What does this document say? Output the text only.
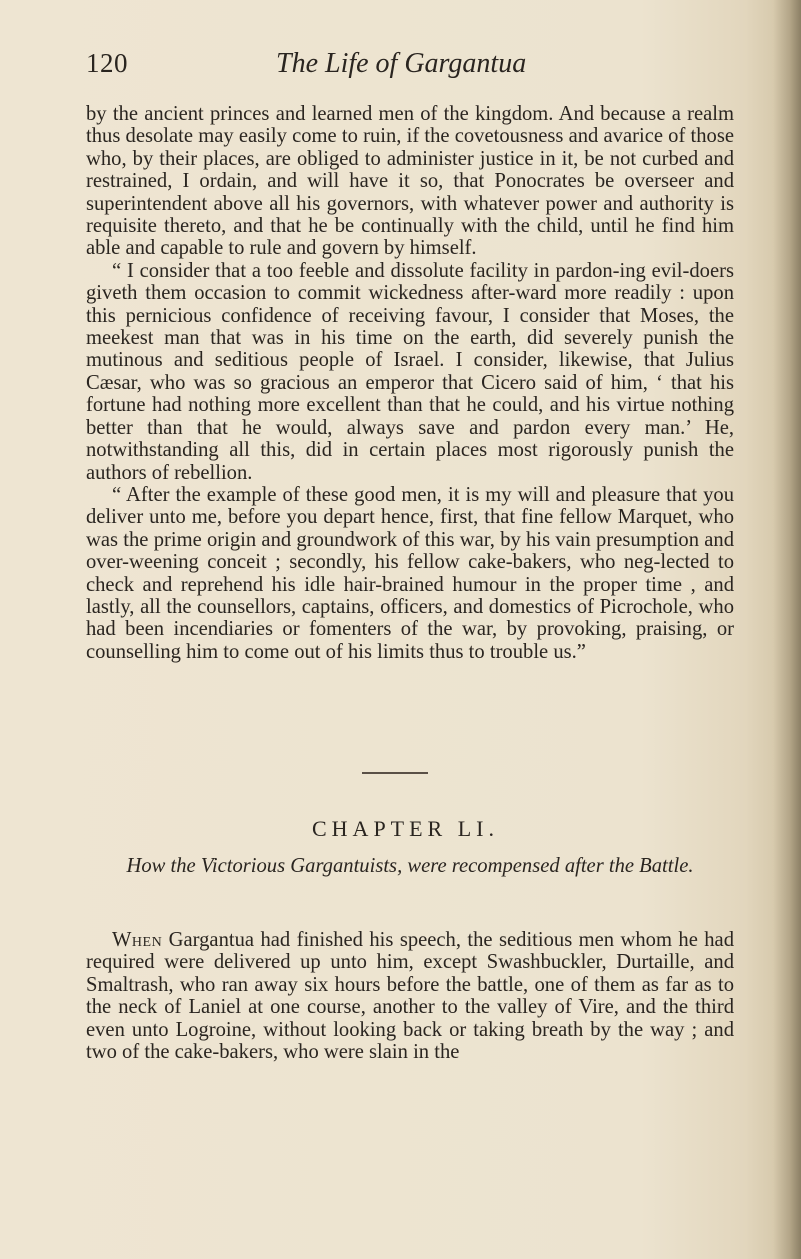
120	The Life of Gargantua

by the ancient princes and learned men of the kingdom. And because a realm thus desolate may easily come to ruin, if the covetousness and avarice of those who, by their places, are obliged to administer justice in it, be not curbed and restrained, I ordain, and will have it so, that Ponocrates be overseer and superintendent above all his governors, with whatever power and authority is requisite thereto, and that he be continually with the child, until he find him able and capable to rule and govern by himself.

“ I consider that a too feeble and dissolute facility in pardon-ing evil-doers giveth them occasion to commit wickedness after-ward more readily : upon this pernicious confidence of receiving favour, I consider that Moses, the meekest man that was in his time on the earth, did severely punish the mutinous and seditious people of Israel. I consider, likewise, that Julius Cæsar, who was so gracious an emperor that Cicero said of him, ‘ that his fortune had nothing more excellent than that he could, and his virtue nothing better than that he would, always save and pardon every man.’ He, notwithstanding all this, did in certain places most rigorously punish the authors of rebellion.

“ After the example of these good men, it is my will and pleasure that you deliver unto me, before you depart hence, first, that fine fellow Marquet, who was the prime origin and groundwork of this war, by his vain presumption and over-weening conceit ; secondly, his fellow cake-bakers, who neg-lected to check and reprehend his idle hair-brained humour in the proper time , and lastly, all the counsellors, captains, officers, and domestics of Picrochole, who had been incendiaries or fomenters of the war, by provoking, praising, or counselling him to come out of his limits thus to trouble us.”

CHAPTER LI.
How the Victorious Gargantuists, were recompensed after the Battle.

When Gargantua had finished his speech, the seditious men whom he had required were delivered up unto him, except Swashbuckler, Durtaille, and Smaltrash, who ran away six hours before the battle, one of them as far as to the neck of Laniel at one course, another to the valley of Vire, and the third even unto Logroine, without looking back or taking breath by the way ; and two of the cake-bakers, who were slain in the
